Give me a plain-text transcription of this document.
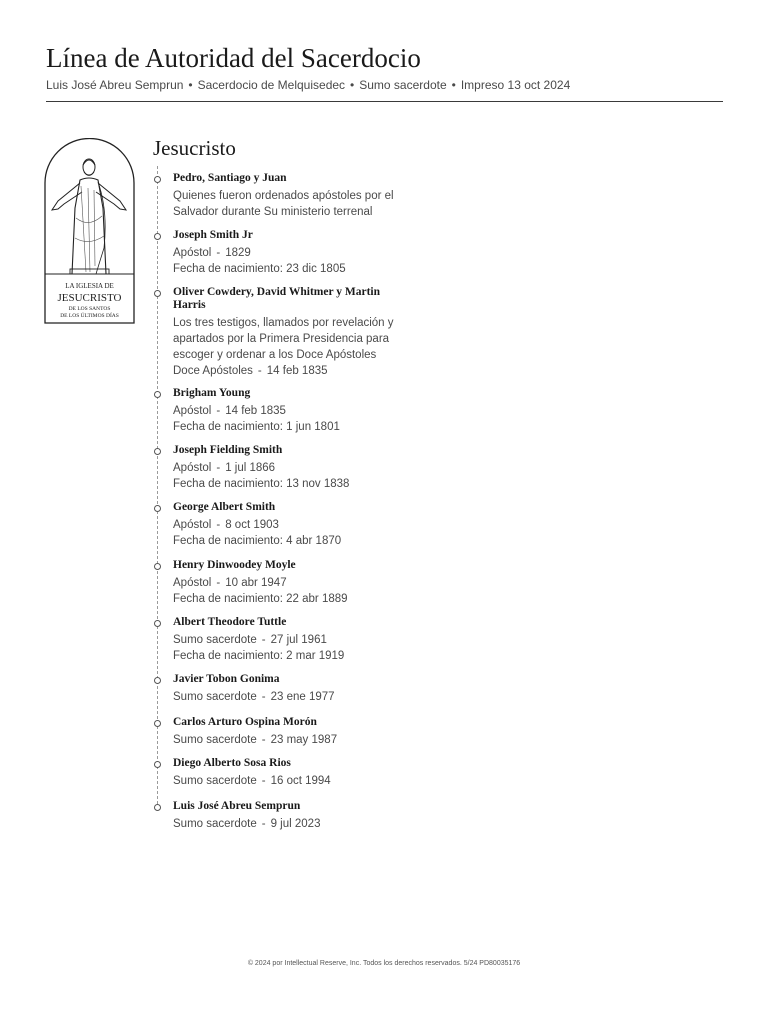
Línea de Autoridad del Sacerdocio
Luis José Abreu Semprun • Sacerdocio de Melquisedec • Sumo sacerdote • Impreso 13 oct 2024
LA IGLESIA DE
JESUCRISTO
DE LOS SANTOS
DE LOS ÚLTIMOS DÍAS
Jesucristo
Pedro, Santiago y Juan
Quienes fueron ordenados apóstoles por el
Salvador durante Su ministerio terrenal
Joseph Smith Jr
Apóstol - 1829
Fecha de nacimiento: 23 dic 1805
Oliver Cowdery, David Whitmer y Martin Harris
Los tres testigos, llamados por revelación y
apartados por la Primera Presidencia para
escoger y ordenar a los Doce Apóstoles
Doce Apóstoles - 14 feb 1835
Brigham Young
Apóstol - 14 feb 1835
Fecha de nacimiento: 1 jun 1801
Joseph Fielding Smith
Apóstol - 1 jul 1866
Fecha de nacimiento: 13 nov 1838
George Albert Smith
Apóstol - 8 oct 1903
Fecha de nacimiento: 4 abr 1870
Henry Dinwoodey Moyle
Apóstol - 10 abr 1947
Fecha de nacimiento: 22 abr 1889
Albert Theodore Tuttle
Sumo sacerdote - 27 jul 1961
Fecha de nacimiento: 2 mar 1919
Javier Tobon Gonima
Sumo sacerdote - 23 ene 1977
Carlos Arturo Ospina Morón
Sumo sacerdote - 23 may 1987
Diego Alberto Sosa Rios
Sumo sacerdote - 16 oct 1994
Luis José Abreu Semprun
Sumo sacerdote - 9 jul 2023
© 2024 por Intellectual Reserve, Inc. Todos los derechos reservados. 5/24 PD80035176
